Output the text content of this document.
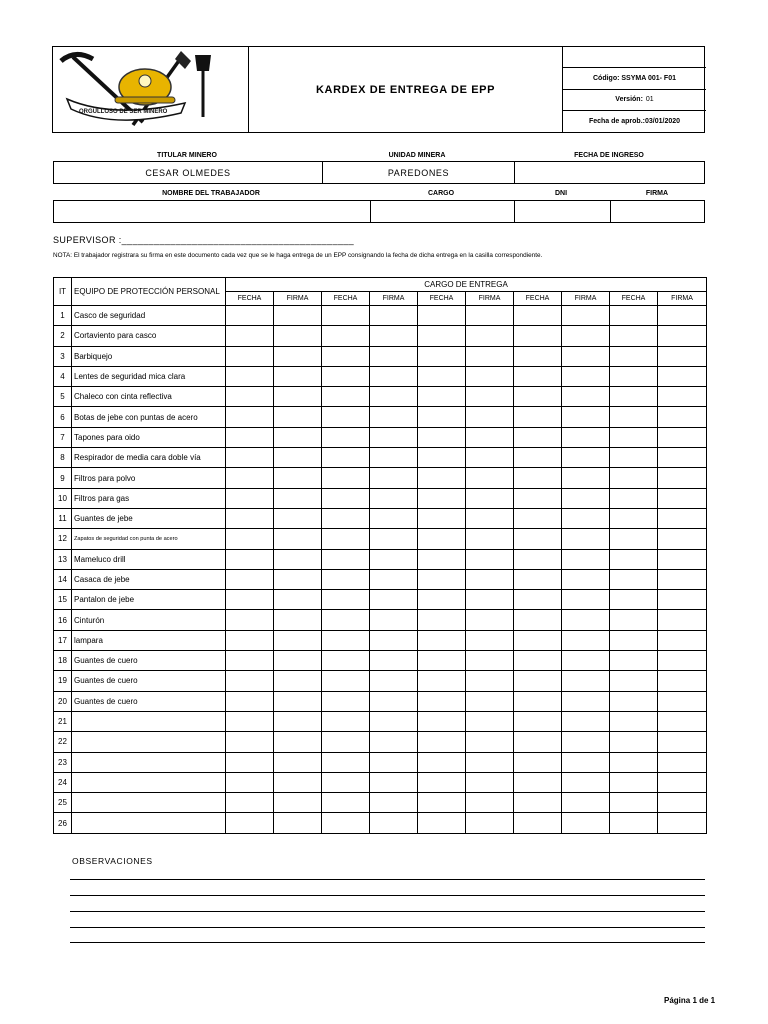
ORGULLOSO DE SER MINERO
KARDEX DE ENTREGA DE EPP
Código: SSYMA 001- F01
Versión: 01
Fecha de aprob.:03/01/2020
TITULAR MINERO	UNIDAD MINERA	FECHA DE INGRESO
CESAR OLMEDES	PAREDONES
NOMBRE DEL TRABAJADOR	CARGO	DNI	FIRMA
SUPERVISOR :___________________________________________
NOTA: El trabajador registrara su firma en este documento cada vez que se le haga entrega de un EPP consignando la fecha de dicha entrega en la casilla correspondiente.
IT	EQUIPO DE PROTECCIÓN PERSONAL	CARGO DE ENTREGA									
		FECHA	FIRMA	FECHA	FIRMA	FECHA	FIRMA	FECHA	FIRMA	FECHA	FIRMA
1	Casco de seguridad										
2	Cortaviento para casco										
3	Barbiquejo										
4	Lentes de seguridad mica clara										
5	Chaleco con cinta reflectiva										
6	Botas de jebe con puntas de acero										
7	Tapones para oido										
8	Respirador de media cara doble vía										
9	Filtros para polvo										
10	Filtros para gas										
11	Guantes de jebe										
12	Zapatos de seguridad con punta de acero										
13	Mameluco drill										
14	Casaca de jebe										
15	Pantalon de jebe										
16	Cinturón										
17	lampara										
18	Guantes de cuero										
19	Guantes de cuero										
20	Guantes de cuero										
21											
22											
23											
24											
25											
26											
OBSERVACIONES
Página 1 de 1
